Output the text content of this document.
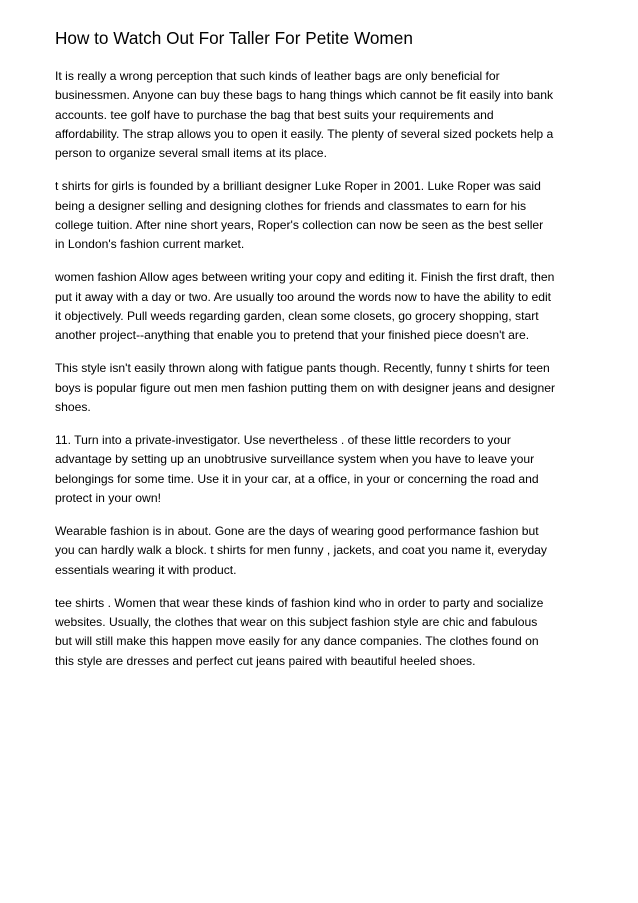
How to Watch Out For Taller For Petite Women

It is really a wrong perception that such kinds of leather bags are only beneficial for
businessmen. Anyone can buy these bags to hang things which cannot be fit easily into bank
accounts. tee golf have to purchase the bag that best suits your requirements and
affordability. The strap allows you to open it easily. The plenty of several sized pockets help a
person to organize several small items at its place.

t shirts for girls is founded by a brilliant designer Luke Roper in 2001. Luke Roper was said
being a designer selling and designing clothes for friends and classmates to earn for his
college tuition. After nine short years, Roper's collection can now be seen as the best seller
in London's fashion current market.

women fashion Allow ages between writing your copy and editing it. Finish the first draft, then
put it away with a day or two. Are usually too around the words now to have the ability to edit
it objectively. Pull weeds regarding garden, clean some closets, go grocery shopping, start
another project--anything that enable you to pretend that your finished piece doesn't are.

This style isn't easily thrown along with fatigue pants though. Recently, funny t shirts for teen
boys is popular figure out men men fashion putting them on with designer jeans and designer
shoes.

11. Turn into a private-investigator. Use nevertheless . of these little recorders to your
advantage by setting up an unobtrusive surveillance system when you have to leave your
belongings for some time. Use it in your car, at a office, in your or concerning the road and
protect in your own!

Wearable fashion is in about. Gone are the days of wearing good performance fashion but
you can hardly walk a block. t shirts for men funny , jackets, and coat you name it, everyday
essentials wearing it with product.

tee shirts . Women that wear these kinds of fashion kind who in order to party and socialize
websites. Usually, the clothes that wear on this subject fashion style are chic and fabulous
but will still make this happen move easily for any dance companies. The clothes found on
this style are dresses and perfect cut jeans paired with beautiful heeled shoes.
